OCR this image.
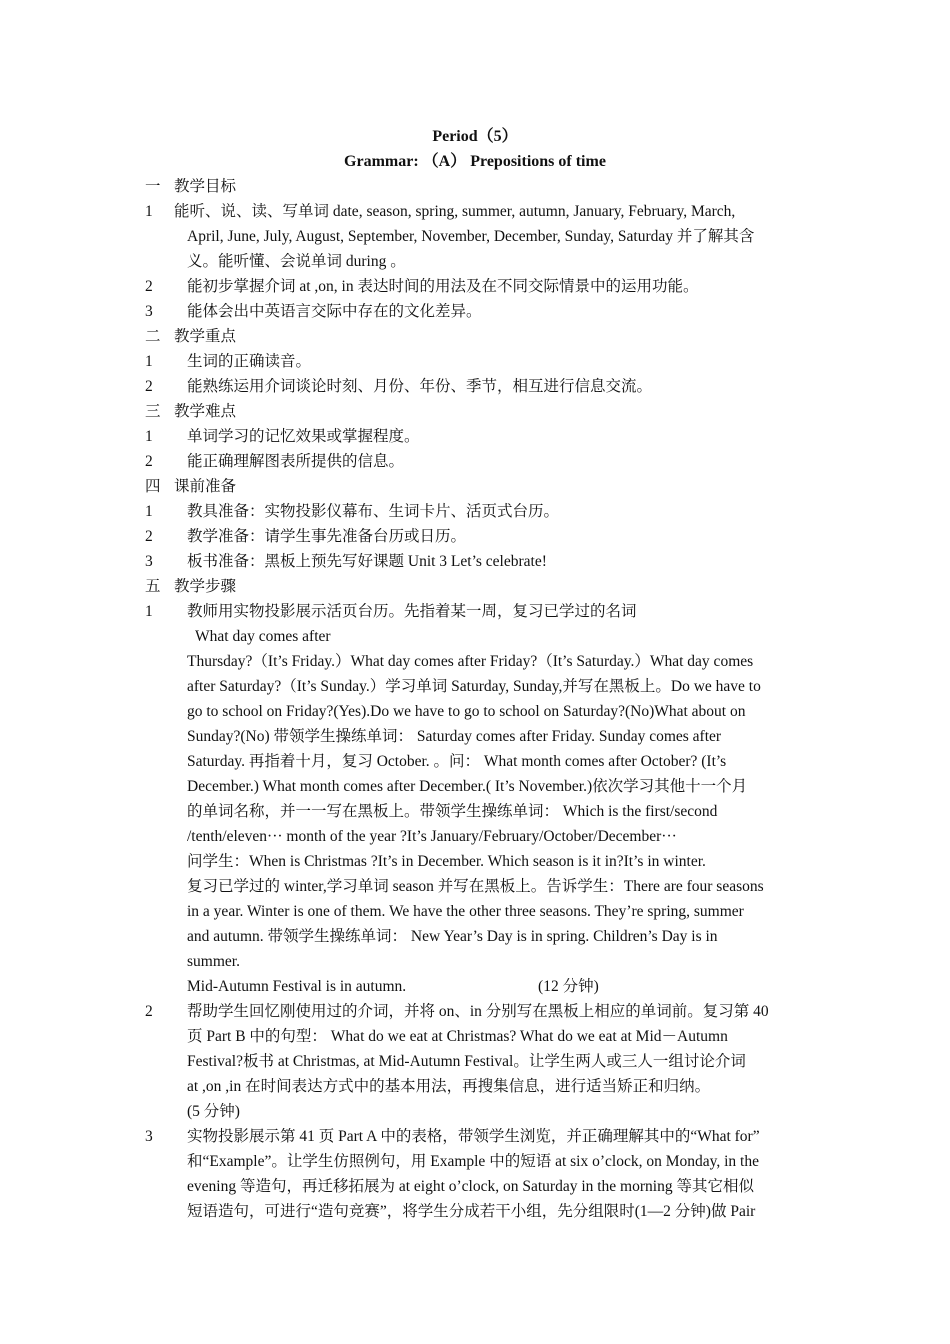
Period（5）
Grammar: （A） Prepositions of time
一 教学目标
1	能听、说、读、写单词 date, season, spring, summer, autumn, January, February, March,
April, June, July, August, September, November, December, Sunday, Saturday 并了解其含
义。能听懂、会说单词 during 。
2	能初步掌握介词 at ,on, in 表达时间的用法及在不同交际情景中的运用功能。
3	能体会出中英语言交际中存在的文化差异。
二 教学重点
1	生词的正确读音。
2	能熟练运用介词谈论时刻、月份、年份、季节，相互进行信息交流。
三 教学难点
1	单词学习的记忆效果或掌握程度。
2	能正确理解图表所提供的信息。
四 课前准备
1	教具准备：实物投影仪幕布、生词卡片、活页式台历。
2	教学准备：请学生事先准备台历或日历。
3	板书准备：黑板上预先写好课题 Unit 3 Let’s celebrate!
五 教学步骤
1	教师用实物投影展示活页台历。先指着某一周，复习已学过的名词
What day comes after
Thursday?（It’s Friday.）What day comes after Friday?（It’s Saturday.）What day comes
after Saturday?（It’s Sunday.）学习单词 Saturday, Sunday,并写在黑板上。Do we have to
go to school on Friday?(Yes).Do we have to go to school on Saturday?(No)What about on
Sunday?(No) 带领学生操练单词： Saturday comes after Friday. Sunday comes after
Saturday. 再指着十月，复习 October. 。问： What month comes after October? (It’s
December.) What month comes after December.( It’s November.)依次学习其他十一个月
的单词名称，并一一写在黑板上。带领学生操练单词： Which is the first/second
/tenth/eleven··· month of the year ?It’s January/February/October/December···
问学生：When is Christmas ?It’s in December. Which season is it in?It’s in winter.
复习已学过的 winter,学习单词 season 并写在黑板上。告诉学生：There are four seasons
in a year. Winter is one of them. We have the other three seasons. They’re spring, summer
and autumn. 带领学生操练单词： New Year’s Day is in spring. Children’s Day is in
summer.
Mid-Autumn Festival is in autumn.	(12 分钟)
2	帮助学生回忆刚使用过的介词，并将 on、in 分别写在黑板上相应的单词前。复习第 40
页 Part B 中的句型： What do we eat at Christmas? What do we eat at Mid－Autumn
Festival?板书 at Christmas, at Mid-Autumn Festival。让学生两人或三人一组讨论介词
at ,on ,in 在时间表达方式中的基本用法，再搜集信息，进行适当矫正和归纳。
(5 分钟)
3	实物投影展示第 41 页 Part A 中的表格，带领学生浏览，并正确理解其中的“What for”
和“Example”。让学生仿照例句，用 Example 中的短语 at six o’clock, on Monday, in the
evening 等造句，再迁移拓展为 at eight o’clock, on Saturday in the morning 等其它相似
短语造句，可进行“造句竞赛”，将学生分成若干小组，先分组限时(1—2 分钟)做 Pair
